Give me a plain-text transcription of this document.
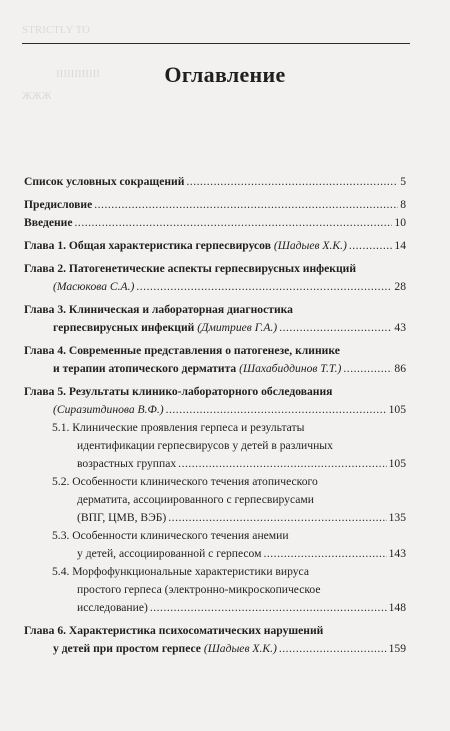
STRICTLY TO
IIIIIIIIIIII
ЖЖЖ
Оглавление
Список условных сокращений .....	5
Предисловие .....	8
Введение .....	10
Глава 1. Общая характеристика герпесвирусов
(Шадыев Х.К.) .....	14
Глава 2. Патогенетические аспекты герпесвирусных инфекций
(Масюкова С.А.) .....	28
Глава 3. Клиническая и лабораторная диагностика
герпесвирусных инфекций
(Дмитриев Г.А.) .....	43
Глава 4. Современные представления о патогенезе, клинике
и терапии атопического дерматита
(Шахабиддинов Т.Т.) .....	86
Глава 5. Результаты клинико-лабораторного обследования
(Сиразитдинова В.Ф.) .....	105
5.1. Клинические проявления герпеса и результаты
идентификации герпесвирусов у детей в различных
возрастных группах .....	105
5.2. Особенности клинического течения атопического
дерматита, ассоциированного с герпесвирусами
(ВПГ, ЦМВ, ВЭБ) .....	135
5.3. Особенности клинического течения анемии
у детей, ассоциированной с герпесом .....	143
5.4. Морфофункциональные характеристики вируса
простого герпеса (электронно-микроскопическое
исследование) .....	148
Глава 6. Характеристика психосоматических нарушений
у детей при простом герпесе
(Шадыев Х.К.) .....	159
